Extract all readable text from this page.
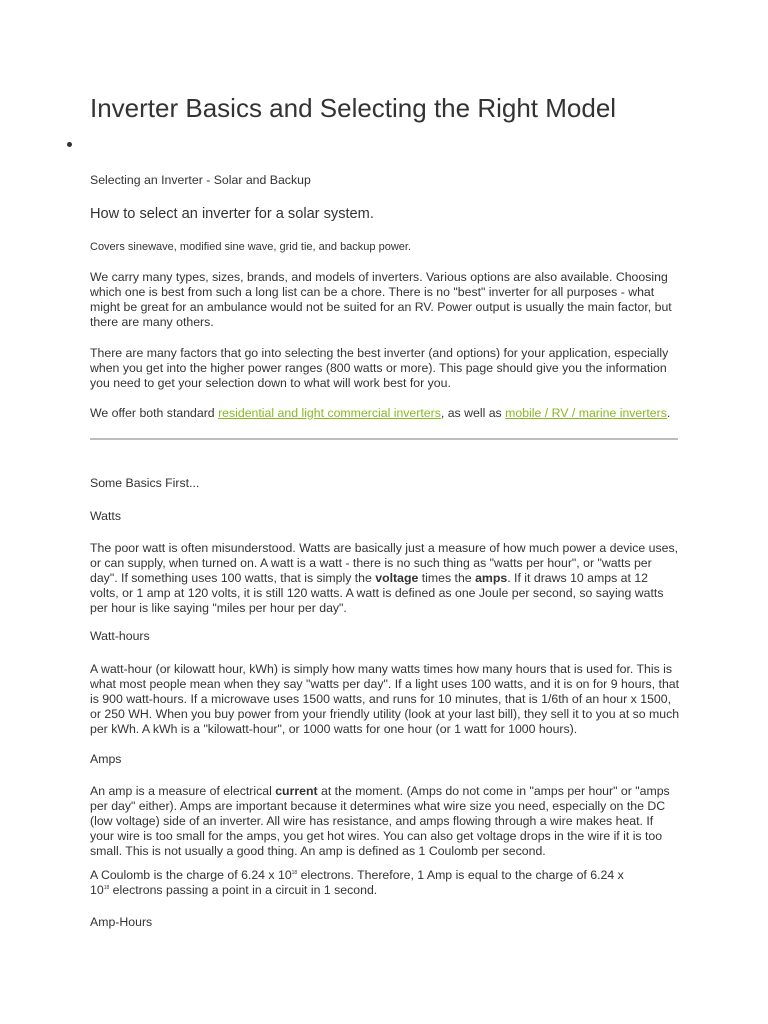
Inverter Basics and Selecting the Right Model
Selecting an Inverter - Solar and Backup
How to select an inverter for a solar system.

Covers sinewave, modified sine wave, grid tie, and backup power.

We carry many types, sizes, brands, and models of inverters. Various options are also available. Choosing which one is best from such a long list can be a chore. There is no "best" inverter for all purposes - what might be great for an ambulance would not be suited for an RV. Power output is usually the main factor, but there are many others.

There are many factors that go into selecting the best inverter (and options) for your application, especially when you get into the higher power ranges (800 watts or more). This page should give you the information you need to get your selection down to what will work best for you.

We offer both standard residential and light commercial inverters, as well as mobile / RV / marine inverters.

Some Basics First...
Watts

The poor watt is often misunderstood. Watts are basically just a measure of how much power a device uses, or can supply, when turned on. A watt is a watt - there is no such thing as "watts per hour", or "watts per day". If something uses 100 watts, that is simply the voltage times the amps. If it draws 10 amps at 12 volts, or 1 amp at 120 volts, it is still 120 watts. A watt is defined as one Joule per second, so saying watts per hour is like saying "miles per hour per day".

Watt-hours

A watt-hour (or kilowatt hour, kWh) is simply how many watts times how many hours that is used for. This is what most people mean when they say "watts per day". If a light uses 100 watts, and it is on for 9 hours, that is 900 watt-hours. If a microwave uses 1500 watts, and runs for 10 minutes, that is 1/6th of an hour x 1500, or 250 WH. When you buy power from your friendly utility (look at your last bill), they sell it to you at so much per kWh. A kWh is a "kilowatt-hour", or 1000 watts for one hour (or 1 watt for 1000 hours).

Amps

An amp is a measure of electrical current at the moment. (Amps do not come in "amps per hour" or "amps per day" either). Amps are important because it determines what wire size you need, especially on the DC (low voltage) side of an inverter. All wire has resistance, and amps flowing through a wire makes heat. If your wire is too small for the amps, you get hot wires. You can also get voltage drops in the wire if it is too small. This is not usually a good thing. An amp is defined as 1 Coulomb per second.

A Coulomb is the charge of 6.24 x $10^{18}$ electrons. Therefore, 1 Amp is equal to the charge of 6.24 x $10^{18}$ electrons passing a point in a circuit in 1 second.

Amp-Hours
